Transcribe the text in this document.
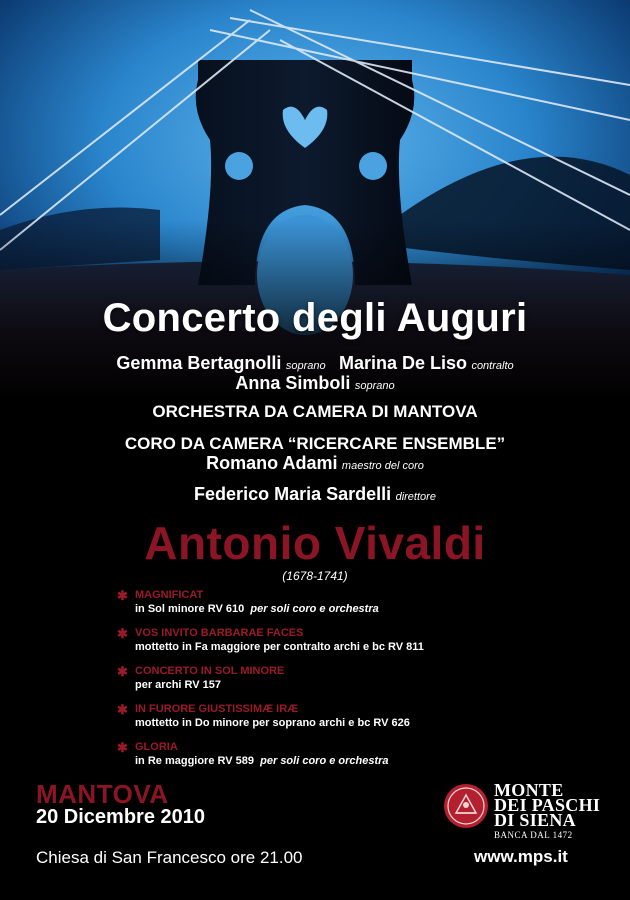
Concerto degli Auguri
Gemma Bertagnolli soprano Marina De Liso contralto
Anna Simboli soprano
ORCHESTRA DA CAMERA DI MANTOVA
CORO DA CAMERA “RICERCARE ENSEMBLE”
Romano Adami maestro del coro
Federico Maria Sardelli direttore
Antonio Vivaldi
(1678-1741)
✱ MAGNIFICAT
in Sol minore RV 610 per soli coro e orchestra
✱ VOS INVITO BARBARAE FACES
mottetto in Fa maggiore per contralto archi e bc RV 811
✱ CONCERTO IN SOL MINORE
per archi RV 157
✱ IN FURORE GIUSTISSIMÆ IRÆ
mottetto in Do minore per soprano archi e bc RV 626
✱ GLORIA
in Re maggiore RV 589 per soli coro e orchestra
MANTOVA
20 Dicembre 2010
Chiesa di San Francesco ore 21.00
MONTE
DEI PASCHI
DI SIENA
BANCA DAL 1472
www.mps.it
